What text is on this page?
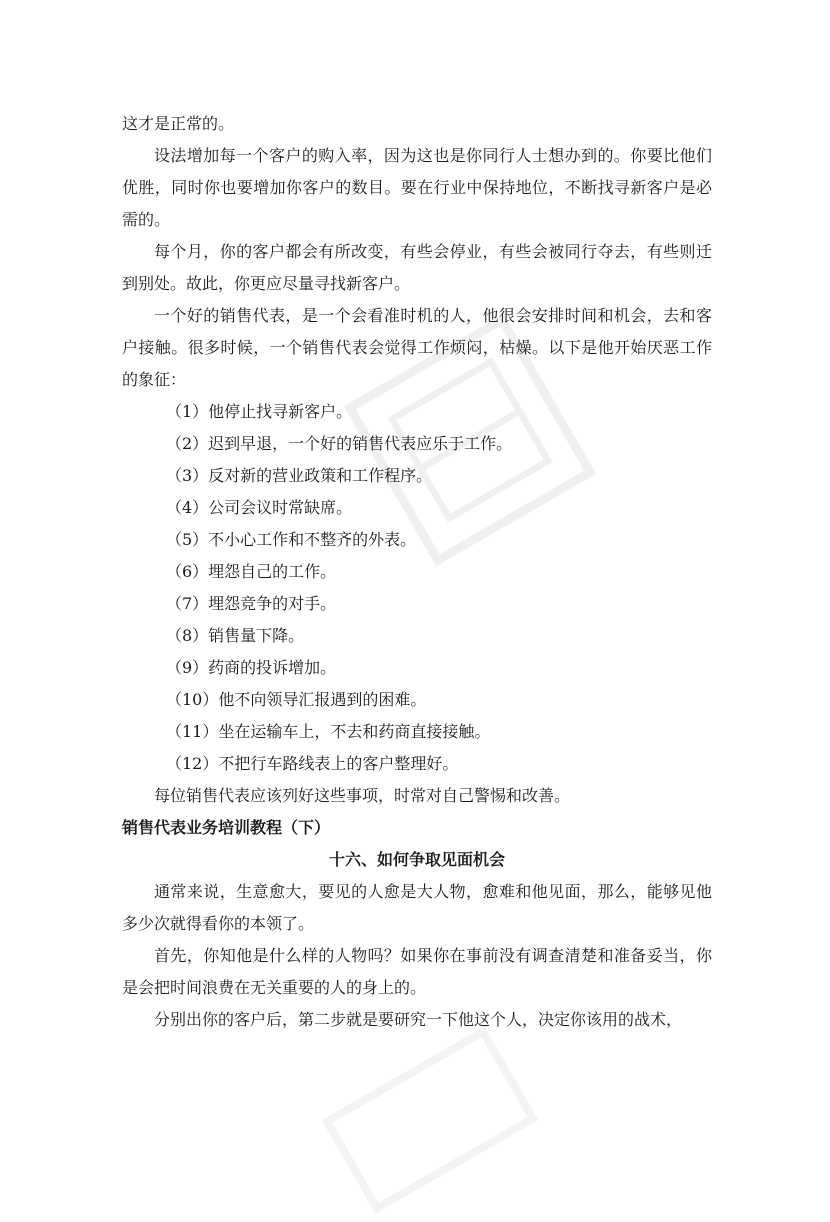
这才是正常的。

设法增加每一个客户的购入率，因为这也是你同行人士想办到的。你要比他们优胜，同时你也要增加你客户的数目。要在行业中保持地位，不断找寻新客户是必需的。

每个月，你的客户都会有所改变，有些会停业，有些会被同行夺去，有些则迁到别处。故此，你更应尽量寻找新客户。

一个好的销售代表，是一个会看准时机的人，他很会安排时间和机会，去和客户接触。很多时候，一个销售代表会觉得工作烦闷，枯燥。以下是他开始厌恶工作的象征：

（1）他停止找寻新客户。
（2）迟到早退，一个好的销售代表应乐于工作。
（3）反对新的营业政策和工作程序。
（4）公司会议时常缺席。
（5）不小心工作和不整齐的外表。
（6）埋怨自己的工作。
（7）埋怨竞争的对手。
（8）销售量下降。
（9）药商的投诉增加。
（10）他不向领导汇报遇到的困难。
（11）坐在运输车上，不去和药商直接接触。
（12）不把行车路线表上的客户整理好。

每位销售代表应该列好这些事项，时常对自己警惕和改善。

销售代表业务培训教程（下）

十六、如何争取见面机会

通常来说，生意愈大，要见的人愈是大人物，愈难和他见面，那么，能够见他多少次就得看你的本领了。

首先，你知他是什么样的人物吗？如果你在事前没有调查清楚和准备妥当，你是会把时间浪费在无关重要的人的身上的。

分别出你的客户后，第二步就是要研究一下他这个人，决定你该用的战术，
